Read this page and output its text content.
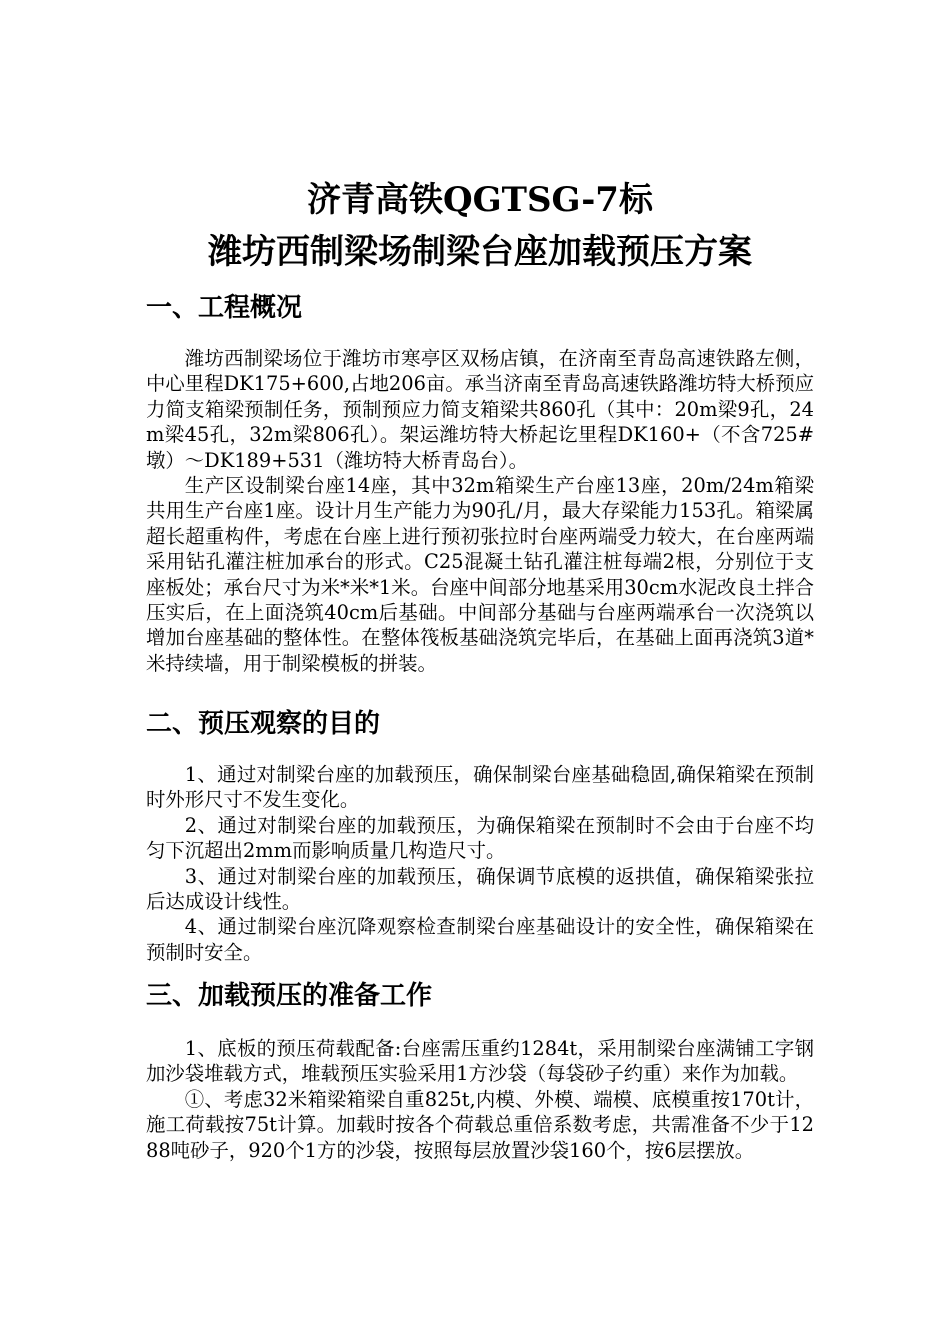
济青高铁QGTSG-7标
潍坊西制梁场制梁台座加载预压方案
一、工程概况

潍坊西制梁场位于潍坊市寒亭区双杨店镇，在济南至青岛高速铁路左侧，中心里程DK175+600,占地206亩。承当济南至青岛高速铁路潍坊特大桥预应力简支箱梁预制任务，预制预应力简支箱梁共860孔（其中：20m梁9孔，24m梁45孔，32m梁806孔）。架运潍坊特大桥起讫里程DK160+（不含725#墩）～DK189+531（潍坊特大桥青岛台）。

生产区设制梁台座14座，其中32m箱梁生产台座13座，20m/24m箱梁共用生产台座1座。设计月生产能力为90孔/月，最大存梁能力153孔。箱梁属超长超重构件，考虑在台座上进行预初张拉时台座两端受力较大，在台座两端采用钻孔灌注桩加承台的形式。C25混凝土钻孔灌注桩每端2根，分别位于支座板处；承台尺寸为米*米*1米。台座中间部分地基采用30cm水泥改良土拌合压实后，在上面浇筑40cm后基础。中间部分基础与台座两端承台一次浇筑以增加台座基础的整体性。在整体筏板基础浇筑完毕后，在基础上面再浇筑3道*米持续墙，用于制梁模板的拼装。

二、预压观察的目的

1、通过对制梁台座的加载预压，确保制梁台座基础稳固,确保箱梁在预制时外形尺寸不发生变化。

2、通过对制梁台座的加载预压，为确保箱梁在预制时不会由于台座不均匀下沉超出2mm而影响质量几构造尺寸。

3、通过对制梁台座的加载预压，确保调节底模的返拱值，确保箱梁张拉后达成设计线性。

4、通过制梁台座沉降观察检查制梁台座基础设计的安全性，确保箱梁在预制时安全。

三、加载预压的准备工作

1、底板的预压荷载配备:台座需压重约1284t，采用制梁台座满铺工字钢加沙袋堆载方式，堆载预压实验采用1方沙袋（每袋砂子约重）来作为加载。

①、考虑32米箱梁箱梁自重825t,内模、外模、端模、底模重按170t计，施工荷载按75t计算。加载时按各个荷载总重倍系数考虑，共需准备不少于1288吨砂子，920个1方的沙袋，按照每层放置沙袋160个，按6层摆放。
